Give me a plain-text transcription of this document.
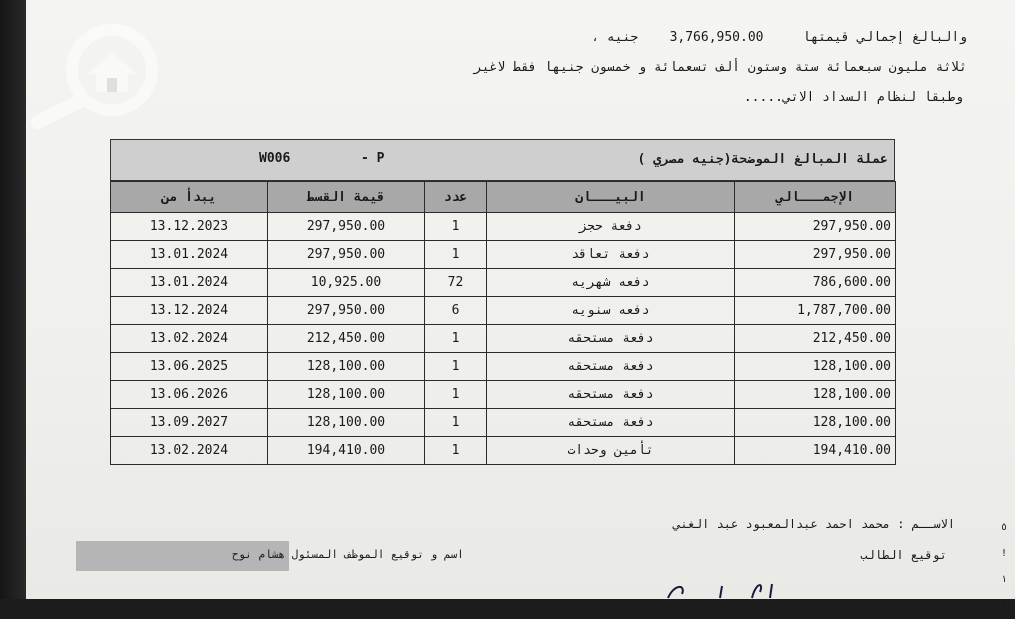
والبالغ إجمالي قيمتها     3,766,950.00    جنيه ،
ثلاثة مليون سبعمائة ستة وستون ألف تسعمائة و خمسون جنيها فقط لاغير
وطبقا لنظام السداد الاتي.....
عملة المبالغ الموضحة(جنيه مصري )
- P
W006
يبدأ من	قيمة القسط	عدد	البيـــان	الإجمـــالي
13.12.2023	297,950.00	1	دفعة حجز	297,950.00
13.01.2024	297,950.00	1	دفعة تعاقد	297,950.00
13.01.2024	10,925.00	72	دفعه شهريه	786,600.00
13.12.2024	297,950.00	6	دفعه سنويه	1,787,700.00
13.02.2024	212,450.00	1	دفعة مستحقه	212,450.00
13.06.2025	128,100.00	1	دفعة مستحقه	128,100.00
13.06.2026	128,100.00	1	دفعة مستحقه	128,100.00
13.09.2027	128,100.00	1	دفعة مستحقه	128,100.00
13.02.2024	194,410.00	1	تأمين وحدات	194,410.00
الاســم : محمد احمد عبدالمعبود عبد الغني
توقيع الطالب
اسم و توقيع الموظف المسئول هشام نوح
٥
!
١
٩
